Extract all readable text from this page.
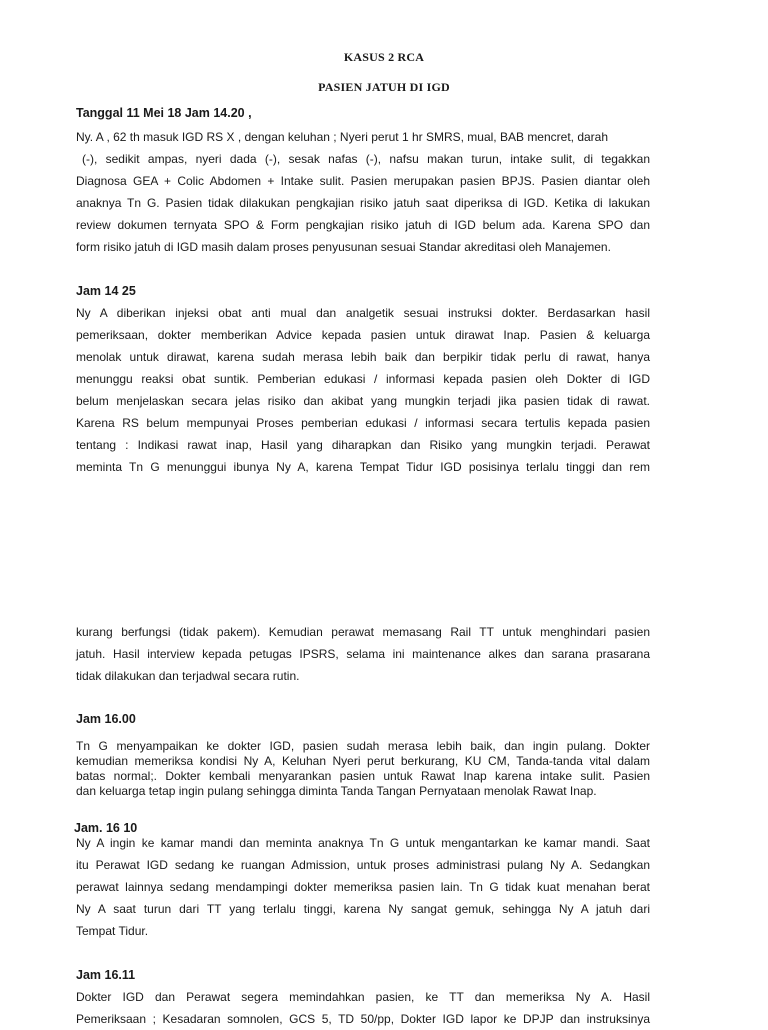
KASUS 2 RCA
PASIEN JATUH DI IGD
Tanggal 11 Mei 18 Jam 14.20 ,
Ny. A , 62 th masuk IGD RS X , dengan keluhan ; Nyeri perut 1 hr SMRS, mual, BAB mencret, darah
(-), sedikit ampas, nyeri dada (-), sesak nafas (-), nafsu makan turun, intake sulit, di tegakkan
Diagnosa GEA + Colic Abdomen + Intake sulit. Pasien merupakan pasien BPJS. Pasien diantar oleh
anaknya Tn G. Pasien tidak dilakukan pengkajian risiko jatuh saat diperiksa di IGD. Ketika di lakukan
review dokumen ternyata SPO & Form pengkajian risiko jatuh di IGD belum ada. Karena SPO dan
form risiko jatuh di IGD masih dalam proses penyusunan sesuai Standar akreditasi oleh Manajemen.
Jam 14 25
Ny A diberikan injeksi obat anti mual dan analgetik sesuai instruksi dokter. Berdasarkan hasil
pemeriksaan, dokter memberikan Advice kepada pasien untuk dirawat Inap. Pasien & keluarga
menolak untuk dirawat, karena sudah merasa lebih baik dan berpikir tidak perlu di rawat, hanya
menunggu reaksi obat suntik. Pemberian edukasi / informasi kepada pasien oleh Dokter di IGD
belum menjelaskan secara jelas risiko dan akibat yang mungkin terjadi jika pasien tidak di rawat.
Karena RS belum mempunyai Proses pemberian edukasi / informasi secara tertulis kepada pasien
tentang : Indikasi rawat inap, Hasil yang diharapkan dan Risiko yang mungkin terjadi. Perawat
meminta Tn G menunggui ibunya Ny A, karena Tempat Tidur IGD posisinya terlalu tinggi dan rem
kurang berfungsi (tidak pakem). Kemudian perawat memasang Rail TT untuk menghindari pasien
jatuh. Hasil interview kepada petugas IPSRS, selama ini maintenance alkes dan sarana prasarana
tidak dilakukan dan terjadwal secara rutin.
Jam 16.00
Tn G menyampaikan ke dokter IGD, pasien sudah merasa lebih baik, dan ingin pulang. Dokter
kemudian memeriksa kondisi Ny A, Keluhan Nyeri perut berkurang, KU CM, Tanda-tanda vital dalam
batas normal;. Dokter kembali menyarankan pasien untuk Rawat Inap karena intake sulit. Pasien
dan keluarga tetap ingin pulang sehingga diminta Tanda Tangan Pernyataan menolak Rawat Inap.
Jam. 16 10
Ny A ingin ke kamar mandi dan meminta anaknya Tn G untuk mengantarkan ke kamar mandi. Saat
itu Perawat IGD sedang ke ruangan Admission, untuk proses administrasi pulang Ny A. Sedangkan
perawat lainnya sedang mendampingi dokter memeriksa pasien lain. Tn G tidak kuat menahan berat
Ny A saat turun dari TT yang terlalu tinggi, karena Ny sangat gemuk, sehingga Ny A jatuh dari
Tempat Tidur.
Jam 16.11
Dokter IGD dan Perawat segera memindahkan pasien, ke TT dan memeriksa Ny A. Hasil
Pemeriksaan ; Kesadaran somnolen, GCS 5, TD 50/pp, Dokter IGD lapor ke DPJP dan instruksinya
